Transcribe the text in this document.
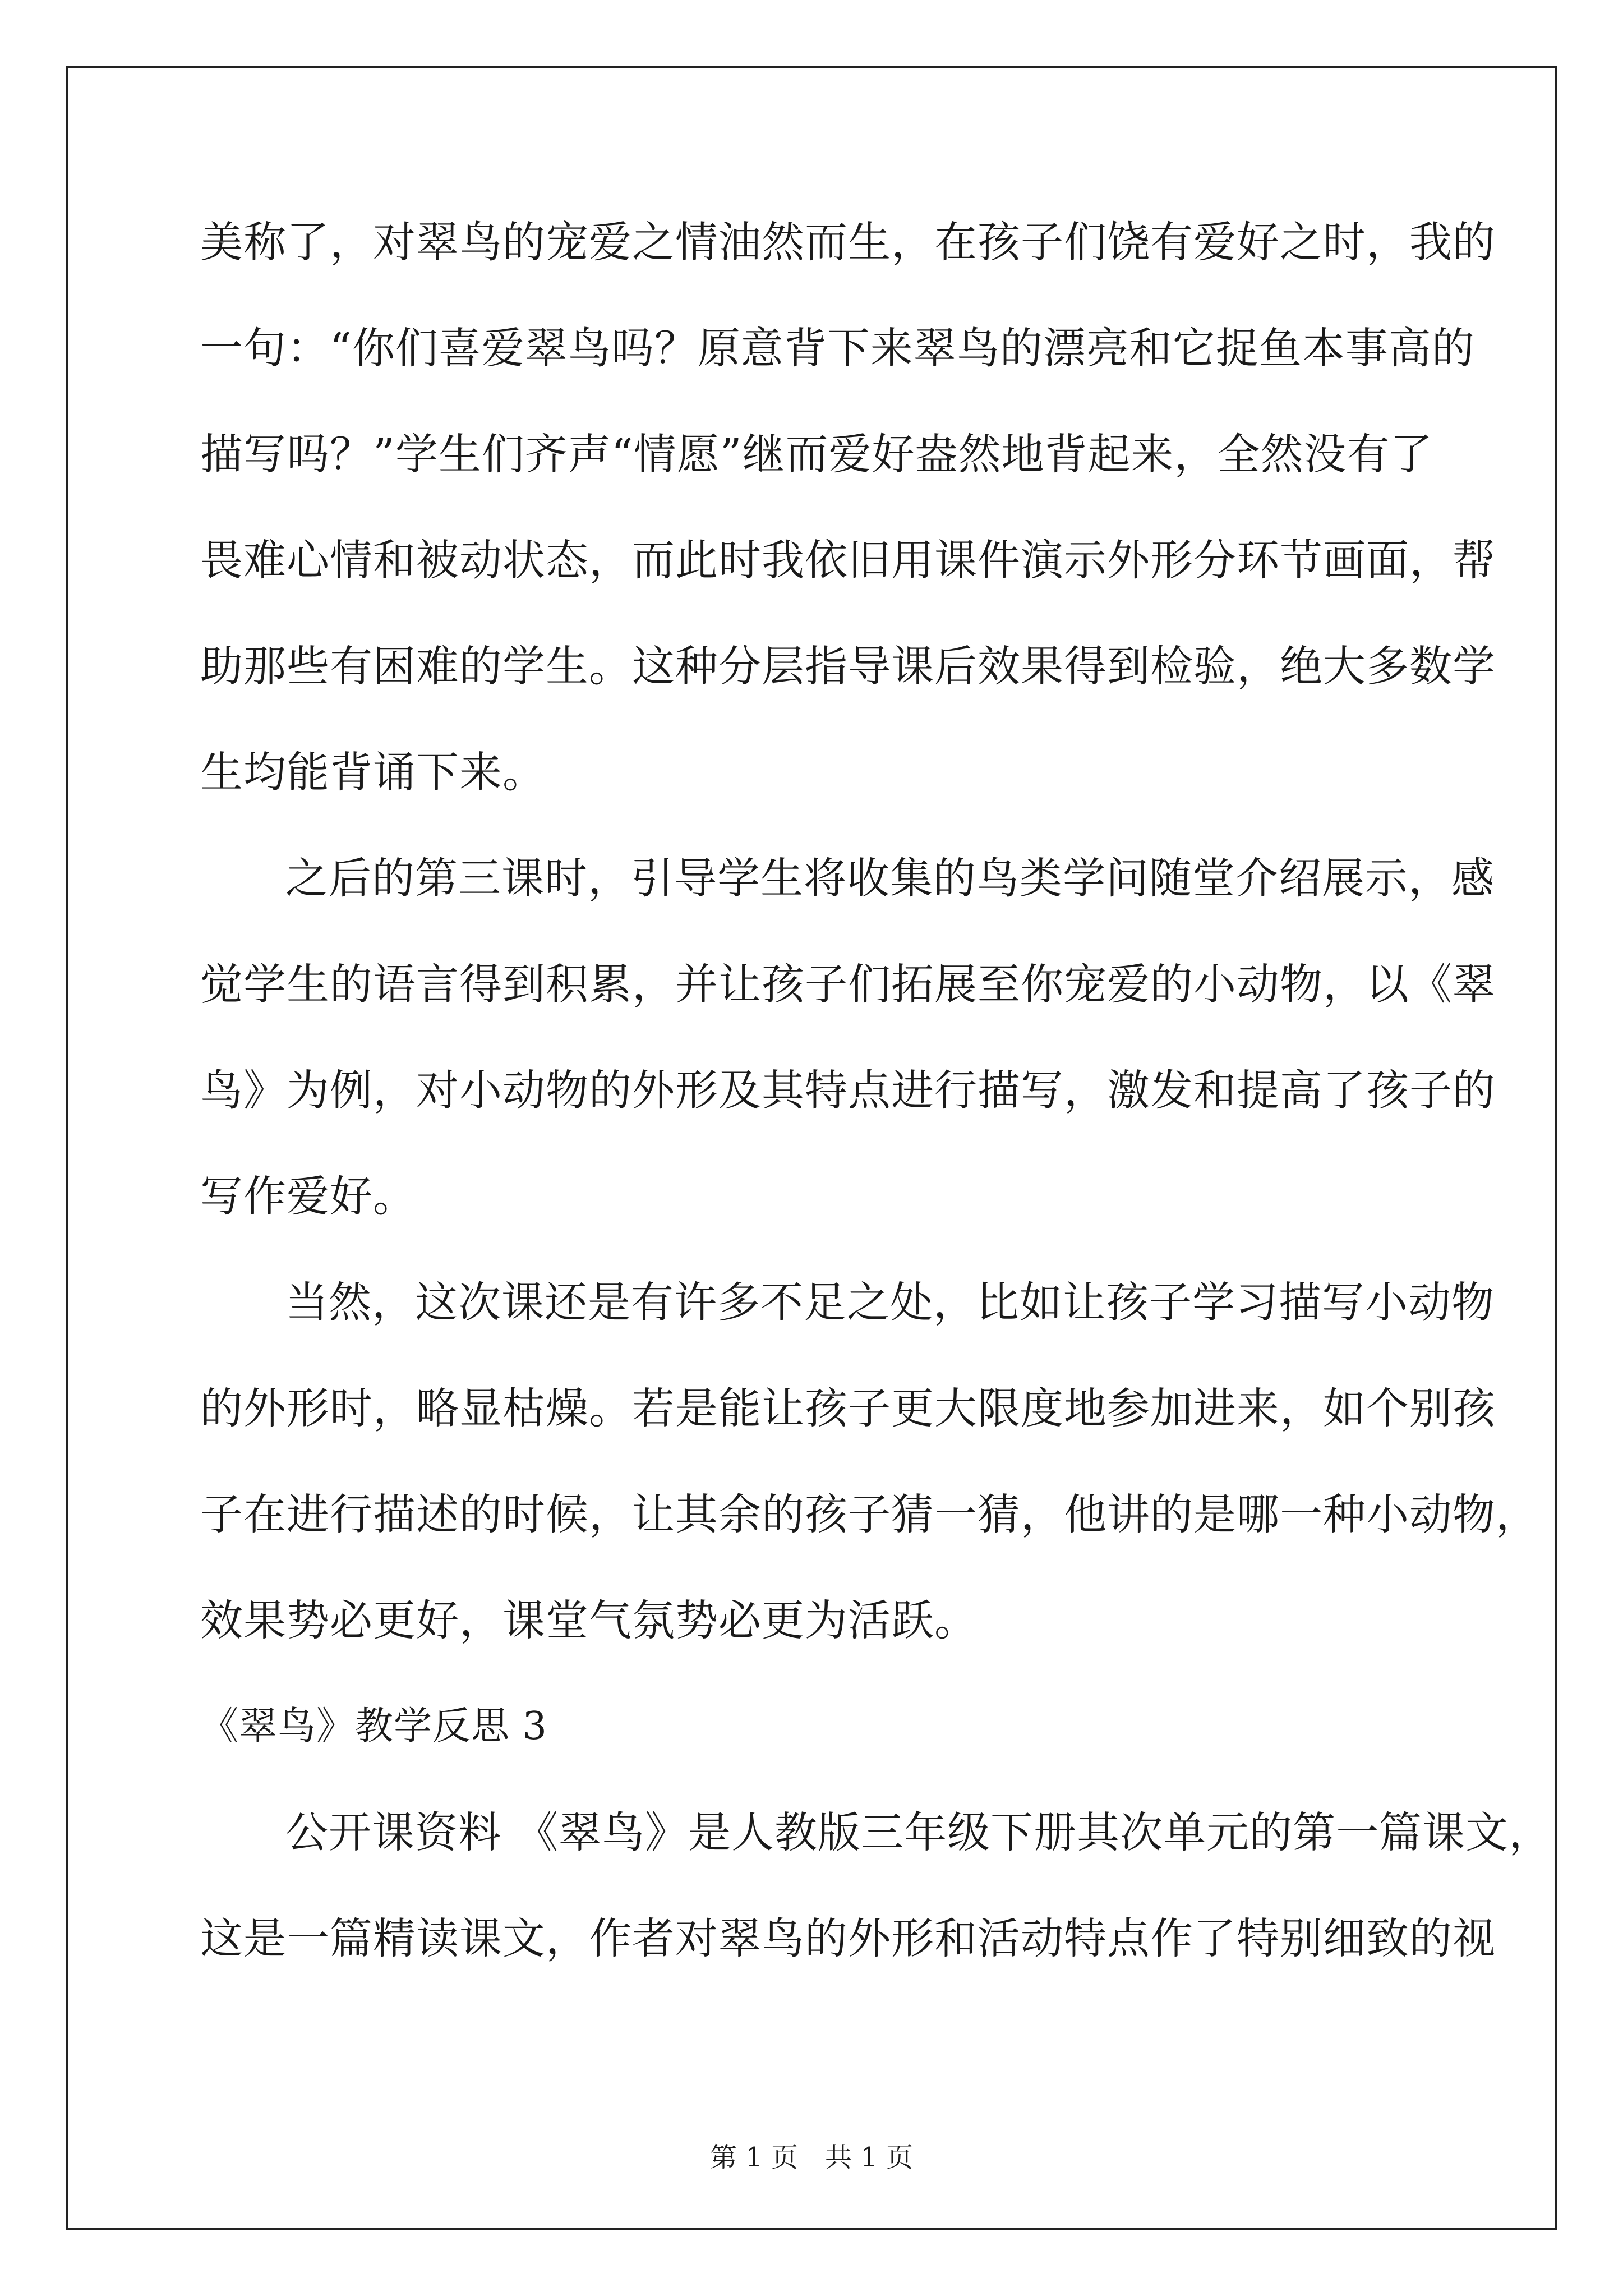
美称了，对翠鸟的宠爱之情油然而生，在孩子们饶有爱好之时，我的
一句：“你们喜爱翠鸟吗？原意背下来翠鸟的漂亮和它捉鱼本事高的
描写吗？”学生们齐声“情愿”继而爱好盎然地背起来，全然没有了
畏难心情和被动状态，而此时我依旧用课件演示外形分环节画面，帮
助那些有困难的学生。这种分层指导课后效果得到检验，绝大多数学
生均能背诵下来。
之后的第三课时，引导学生将收集的鸟类学问随堂介绍展示，感
觉学生的语言得到积累，并让孩子们拓展至你宠爱的小动物，以《翠
鸟》为例，对小动物的外形及其特点进行描写，激发和提高了孩子的
写作爱好。
当然，这次课还是有许多不足之处，比如让孩子学习描写小动物
的外形时，略显枯燥。若是能让孩子更大限度地参加进来，如个别孩
子在进行描述的时候，让其余的孩子猜一猜，他讲的是哪一种小动物，
效果势必更好，课堂气氛势必更为活跃。
《翠鸟》教学反思 3
公开课资料 《翠鸟》是人教版三年级下册其次单元的第一篇课文，
这是一篇精读课文，作者对翠鸟的外形和活动特点作了特别细致的视
第 1 页　共 1 页
